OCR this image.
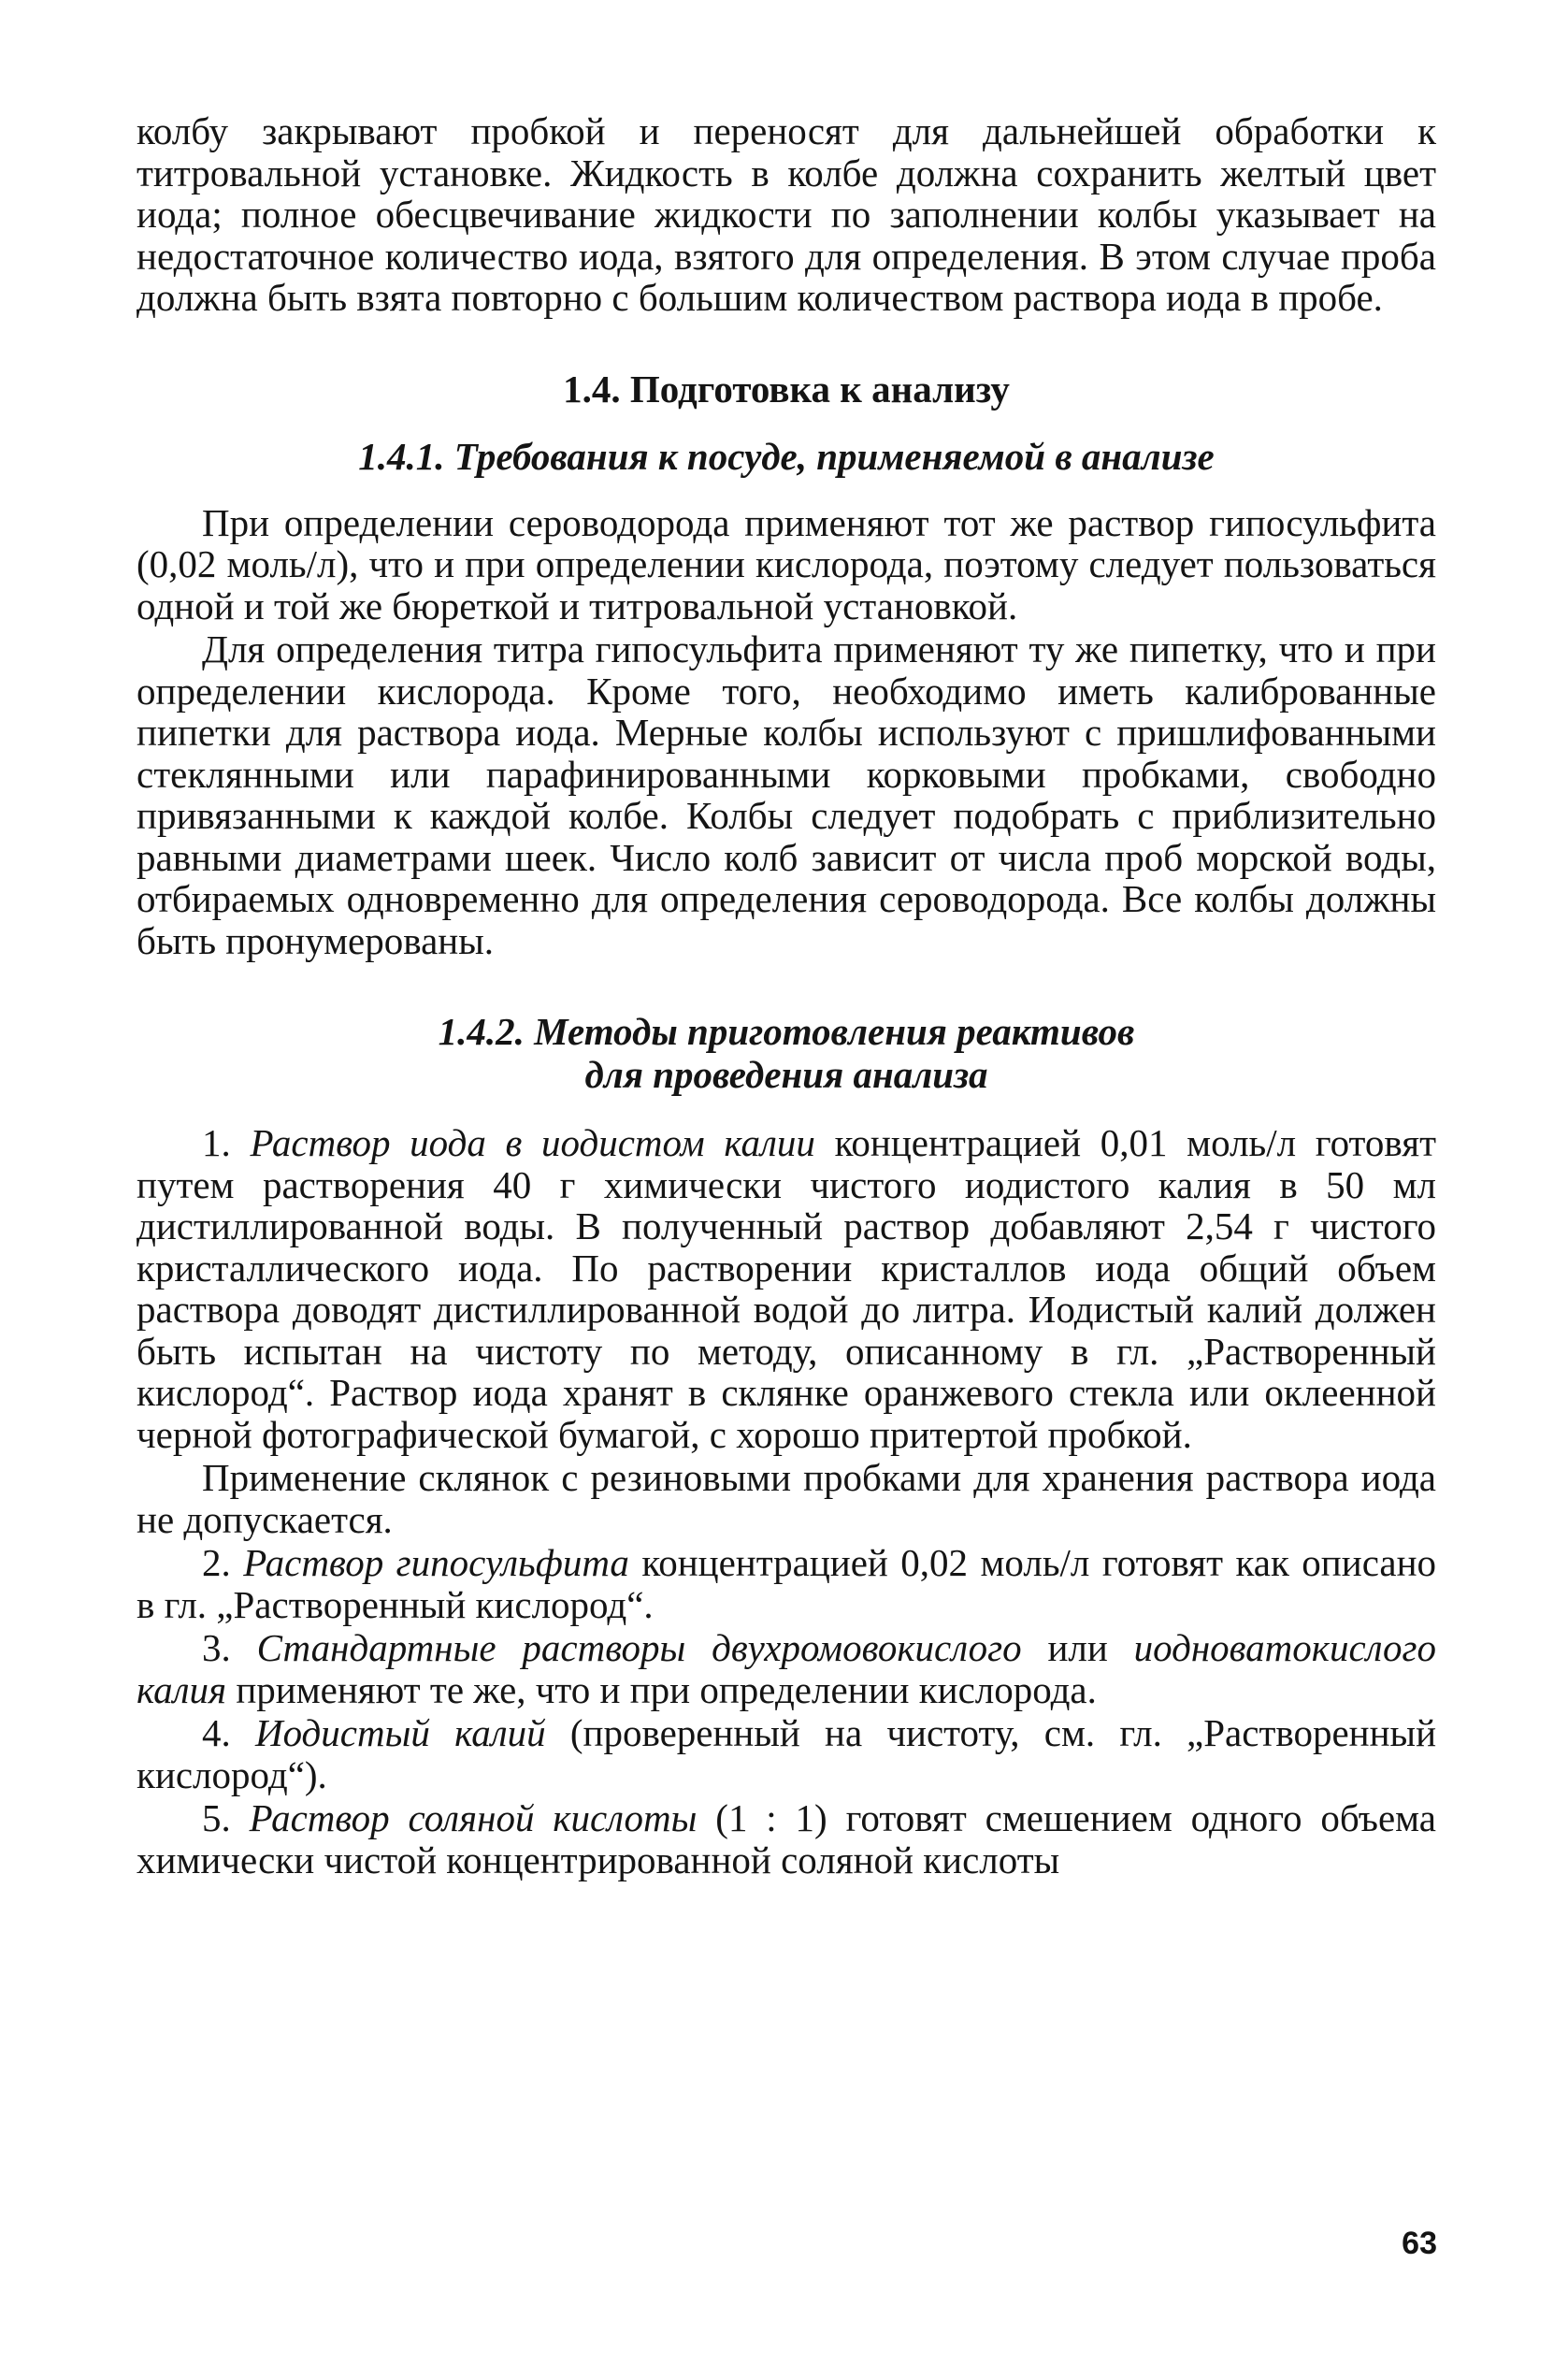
колбу закрывают пробкой и переносят для дальнейшей обработки к титровальной установке. Жидкость в колбе должна сохранить желтый цвет иода; полное обесцвечивание жидкости по заполнении колбы указывает на недостаточное количество иода, взятого для определения. В этом случае проба должна быть взята повторно с большим количеством раствора иода в пробе.

1.4. Подготовка к анализу
1.4.1. Требования к посуде, применяемой в анализе

При определении сероводорода применяют тот же раствор гипосульфита (0,02 моль/л), что и при определении кислорода, поэтому следует пользоваться одной и той же бюреткой и титровальной установкой.

Для определения титра гипосульфита применяют ту же пипетку, что и при определении кислорода. Кроме того, необходимо иметь калиброванные пипетки для раствора иода. Мерные колбы используют с пришлифованными стеклянными или парафинированными корковыми пробками, свободно привязанными к каждой колбе. Колбы следует подобрать с приблизительно равными диаметрами шеек. Число колб зависит от числа проб морской воды, отбираемых одновременно для определения сероводорода. Все колбы должны быть пронумерованы.

1.4.2. Методы приготовления реактивов
для проведения анализа

1. Раствор иода в иодистом калии концентрацией 0,01 моль/л готовят путем растворения 40 г химически чистого иодистого калия в 50 мл дистиллированной воды. В полученный раствор добавляют 2,54 г чистого кристаллического иода. По растворении кристаллов иода общий объем раствора доводят дистиллированной водой до литра. Иодистый калий должен быть испытан на чистоту по методу, описанному в гл. „Растворенный кислород“. Раствор иода хранят в склянке оранжевого стекла или оклеенной черной фотографической бумагой, с хорошо притертой пробкой.

Применение склянок с резиновыми пробками для хранения раствора иода не допускается.

2. Раствор гипосульфита концентрацией 0,02 моль/л готовят как описано в гл. „Растворенный кислород“.

3. Стандартные растворы двухромовокислого или иодноватокислого калия применяют те же, что и при определении кислорода.

4. Иодистый калий (проверенный на чистоту, см. гл. „Растворенный кислород“).

5. Раствор соляной кислоты (1 : 1) готовят смешением одного объема химически чистой концентрированной соляной кислоты

63
